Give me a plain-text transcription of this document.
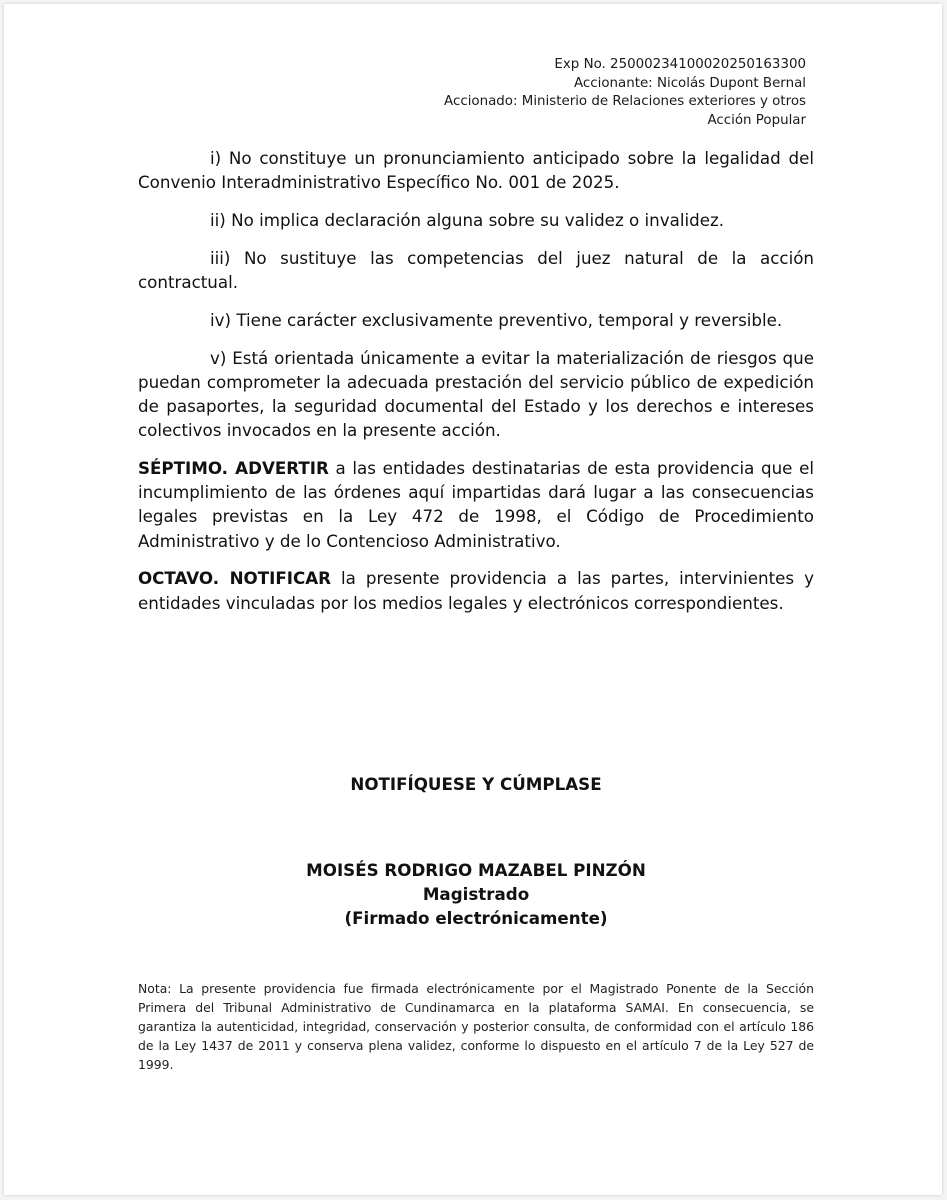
Exp No. 25000234100020250163300
Accionante: Nicolás Dupont Bernal
Accionado: Ministerio de Relaciones exteriores y otros
Acción Popular

i) No constituye un pronunciamiento anticipado sobre la legalidad del Convenio Interadministrativo Específico No. 001 de 2025.

ii) No implica declaración alguna sobre su validez o invalidez.

iii) No sustituye las competencias del juez natural de la acción contractual.

iv) Tiene carácter exclusivamente preventivo, temporal y reversible.

v) Está orientada únicamente a evitar la materialización de riesgos que puedan comprometer la adecuada prestación del servicio público de expedición de pasaportes, la seguridad documental del Estado y los derechos e intereses colectivos invocados en la presente acción.

SÉPTIMO. ADVERTIR a las entidades destinatarias de esta providencia que el incumplimiento de las órdenes aquí impartidas dará lugar a las consecuencias legales previstas en la Ley 472 de 1998, el Código de Procedimiento Administrativo y de lo Contencioso Administrativo.

OCTAVO. NOTIFICAR la presente providencia a las partes, intervinientes y entidades vinculadas por los medios legales y electrónicos correspondientes.

NOTIFÍQUESE Y CÚMPLASE
MOISÉS RODRIGO MAZABEL PINZÓN
Magistrado
(Firmado electrónicamente)
Nota: La presente providencia fue firmada electrónicamente por el Magistrado Ponente de la Sección Primera del Tribunal Administrativo de Cundinamarca en la plataforma SAMAI. En consecuencia, se garantiza la autenticidad, integridad, conservación y posterior consulta, de conformidad con el artículo 186 de la Ley 1437 de 2011 y conserva plena validez, conforme lo dispuesto en el artículo 7 de la Ley 527 de 1999.
